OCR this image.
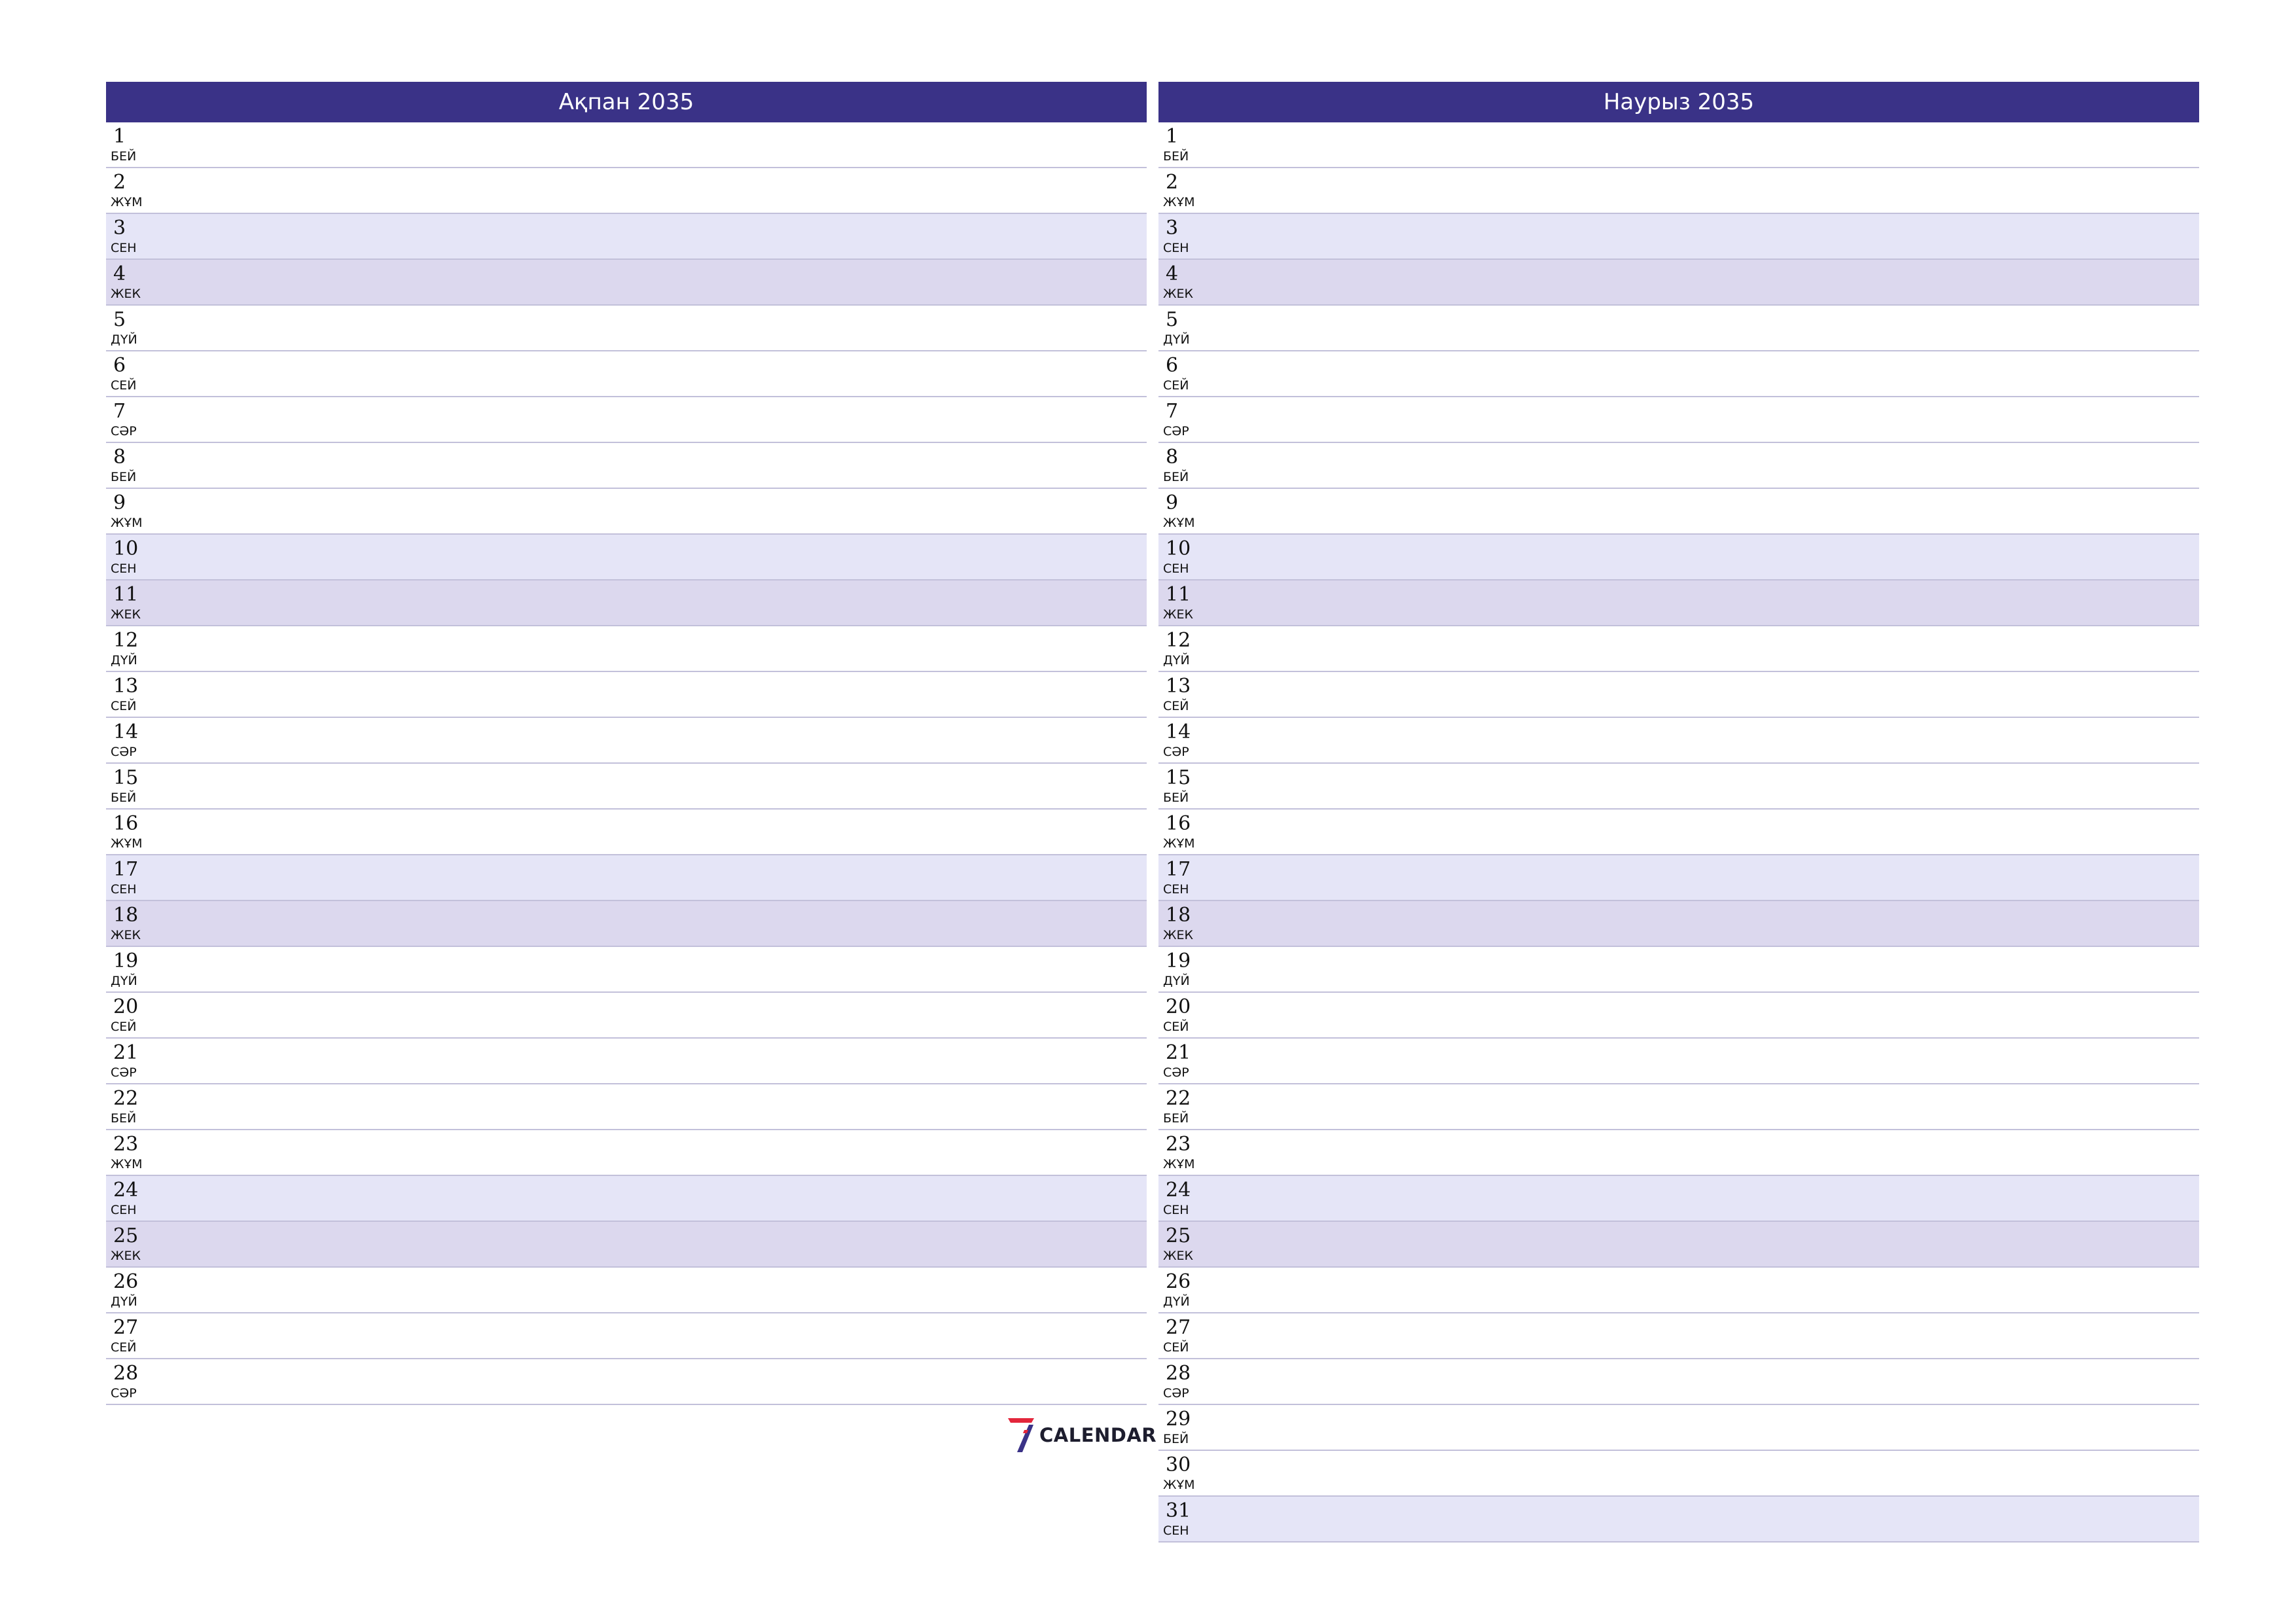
Ақпан 2035
1
БЕЙ
2
ЖҰМ
3
СЕН
4
ЖЕК
5
ДҮЙ
6
СЕЙ
7
СӘР
8
БЕЙ
9
ЖҰМ
10
СЕН
11
ЖЕК
12
ДҮЙ
13
СЕЙ
14
СӘР
15
БЕЙ
16
ЖҰМ
17
СЕН
18
ЖЕК
19
ДҮЙ
20
СЕЙ
21
СӘР
22
БЕЙ
23
ЖҰМ
24
СЕН
25
ЖЕК
26
ДҮЙ
27
СЕЙ
28
СӘР
Наурыз 2035
1
БЕЙ
2
ЖҰМ
3
СЕН
4
ЖЕК
5
ДҮЙ
6
СЕЙ
7
СӘР
8
БЕЙ
9
ЖҰМ
10
СЕН
11
ЖЕК
12
ДҮЙ
13
СЕЙ
14
СӘР
15
БЕЙ
16
ЖҰМ
17
СЕН
18
ЖЕК
19
ДҮЙ
20
СЕЙ
21
СӘР
22
БЕЙ
23
ЖҰМ
24
СЕН
25
ЖЕК
26
ДҮЙ
27
СЕЙ
28
СӘР
29
БЕЙ
30
ЖҰМ
31
СЕН
CALENDAR
